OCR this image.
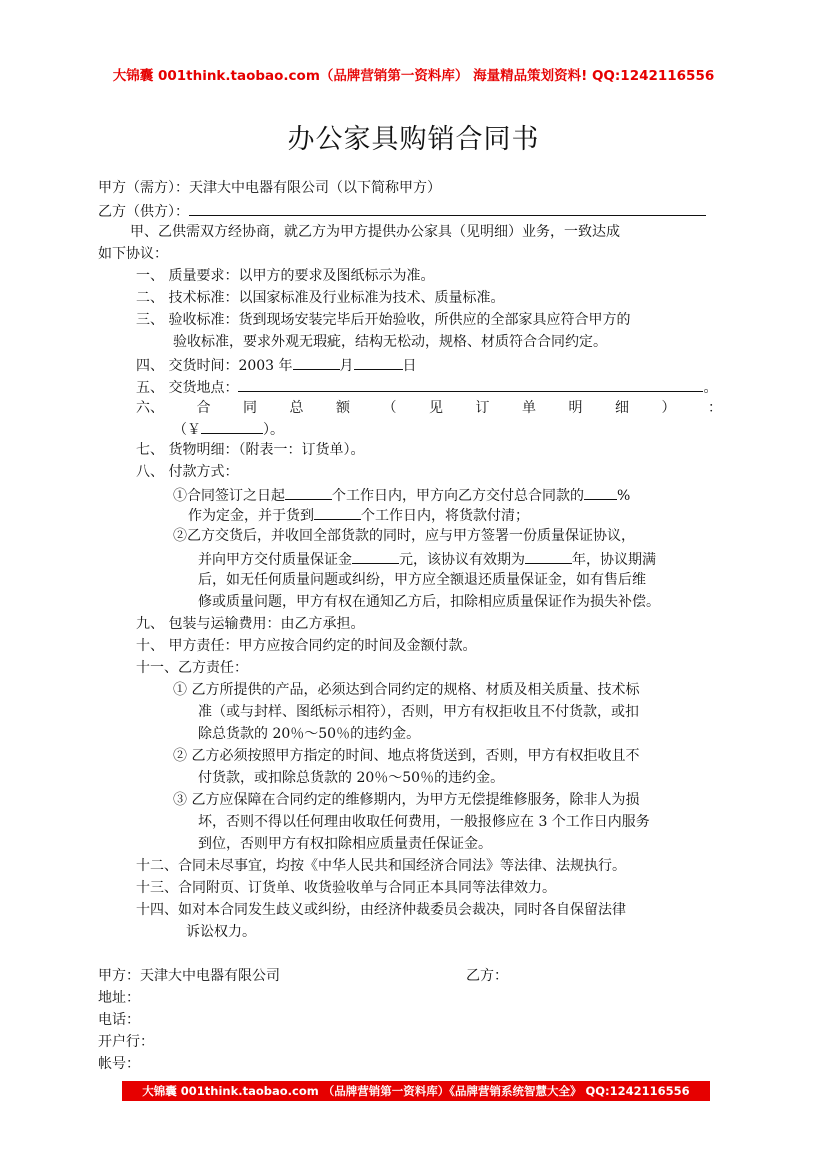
大锦囊 001think.taobao.com（品牌营销第一资料库） 海量精品策划资料! QQ:1242116556
办公家具购销合同书
甲方（需方）：天津大中电器有限公司（以下简称甲方）
乙方（供方）：
甲、乙供需双方经协商，就乙方为甲方提供办公家具（见明细）业务，一致达成
如下协议：
一、 质量要求：以甲方的要求及图纸标示为准。
二、 技术标准：以国家标准及行业标准为技术、质量标准。
三、 验收标准：货到现场安装完毕后开始验收，所供应的全部家具应符合甲方的
验收标准，要求外观无瑕疵，结构无松动，规格、材质符合合同约定。
四、 交货时间：2003 年	月	日
五、 交货地点：	。
六、 合 同 总 额 （ 见 订 单 明 细 ） ：
（￥	）。
七、 货物明细：（附表一：订货单）。
八、 付款方式：
①合同签订之日起	个工作日内，甲方向乙方交付总合同款的 %
作为定金，并于货到	个工作日内，将货款付清；
②乙方交货后，并收回全部货款的同时，应与甲方签署一份质量保证协议，
并向甲方交付质量保证金	元，该协议有效期为	年，协议期满
后，如无任何质量问题或纠纷，甲方应全额退还质量保证金，如有售后维
修或质量问题，甲方有权在通知乙方后，扣除相应质量保证作为损失补偿。
九、 包装与运输费用：由乙方承担。
十、 甲方责任：甲方应按合同约定的时间及金额付款。
十一、乙方责任：
① 乙方所提供的产品，必须达到合同约定的规格、材质及相关质量、技术标
准（或与封样、图纸标示相符），否则，甲方有权拒收且不付货款，或扣
除总货款的 20％～50％的违约金。
② 乙方必须按照甲方指定的时间、地点将货送到，否则，甲方有权拒收且不
付货款，或扣除总货款的 20％～50％的违约金。
③ 乙方应保障在合同约定的维修期内，为甲方无偿提维修服务，除非人为损
坏，否则不得以任何理由收取任何费用，一般报修应在 3 个工作日内服务
到位，否则甲方有权扣除相应质量责任保证金。
十二、合同未尽事宜，均按《中华人民共和国经济合同法》等法律、法规执行。
十三、合同附页、订货单、收货验收单与合同正本具同等法律效力。
十四、如对本合同发生歧义或纠纷，由经济仲裁委员会裁决，同时各自保留法律
诉讼权力。
甲方：天津大中电器有限公司	乙方：
地址：
电话：
开户行：
帐号：
大锦囊 001think.taobao.com （品牌营销第一资料库）《品牌营销系统智慧大全》 QQ:1242116556
